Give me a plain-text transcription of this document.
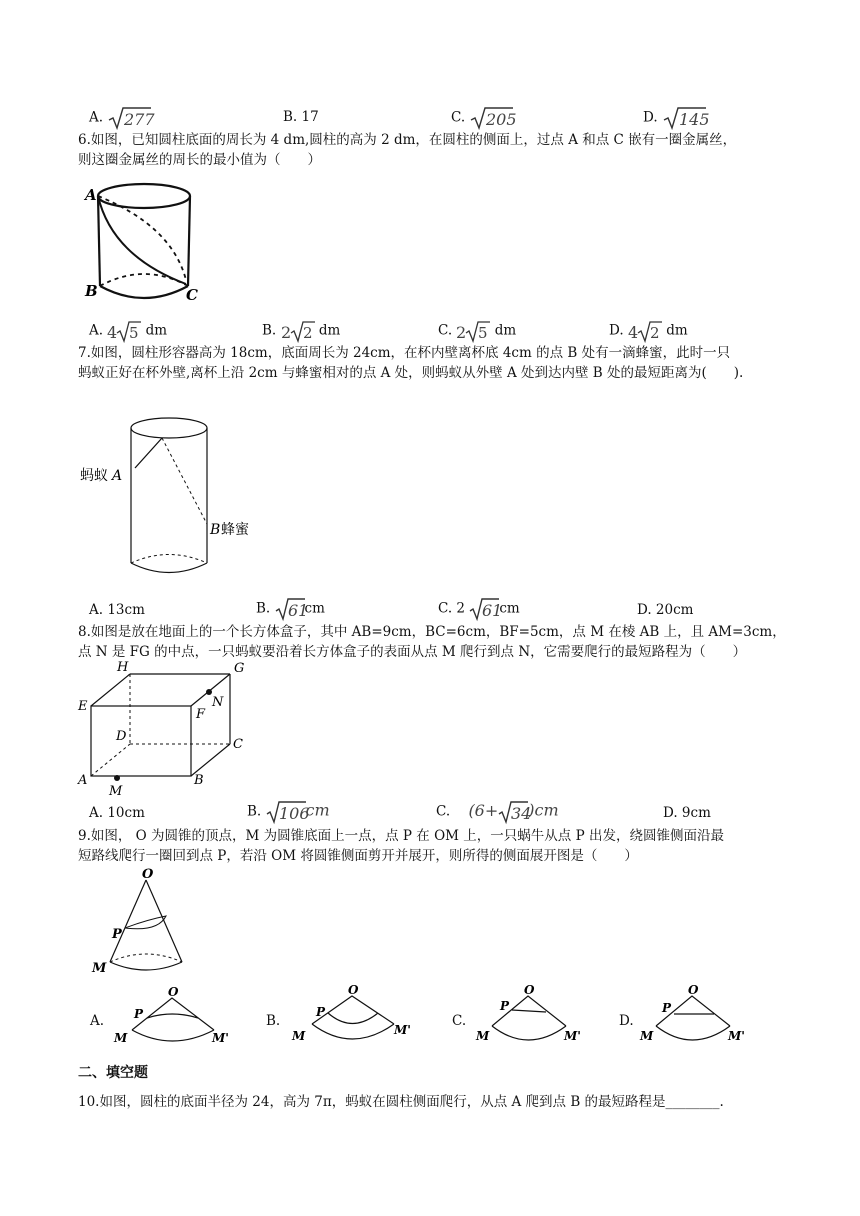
A. 277	B. 17	C. 205	D. 145
6.如图，已知圆柱底面的周长为 4 dm,圆柱的高为 2 dm，在圆柱的侧面上，过点 A 和点 C 嵌有一圈金属丝，
则这圈金属丝的周长的最小值为（　　）
A
B	C
A. 4 5 dm	B. 2 2 dm	C. 2 5 dm	D. 4 2 dm
7.如图，圆柱形容器高为 18cm，底面周长为 24cm，在杯内壁离杯底 4cm 的点 B 处有一滴蜂蜜，此时一只
蚂蚁正好在杯外壁,离杯上沿 2cm 与蜂蜜相对的点 A 处，则蚂蚁从外壁 A 处到达内壁 B 处的最短距离为(　　).
蚂蚁 A
B 蜂蜜
A. 13cm	B. 61
cm	C. 2 61
cm	D. 20cm
8.如图是放在地面上的一个长方体盒子，其中 AB=9cm，BC=6cm，BF=5cm，点 M 在棱 AB 上，且 AM=3cm，
点 N 是 FG 的中点，一只蚂蚁要沿着长方体盒子的表面从点 M 爬行到点 N，它需要爬行的最短路程为（　　）
H	G
E
F
N
D
C
A	B
M
A. 10cm	B. 106
cm	C. (6+ 34
)cm	D. 9cm
9.如图， O 为圆锥的顶点，M 为圆锥底面上一点，点 P 在 OM 上，一只蜗牛从点 P 出发，绕圆锥侧面沿最
短路线爬行一圈回到点 P，若沿 OM 将圆锥侧面剪开并展开，则所得的侧面展开图是（　　）
O
P
M
A.
O
P
M	M'
B.
O
P
M	M'
C.
O
P
M	M'
D.
O
P
M	M'
二、填空题
10.如图，圆柱的底面半径为 24，高为 7π，蚂蚁在圆柱侧面爬行，从点 A 爬到点 B 的最短路程是________.
